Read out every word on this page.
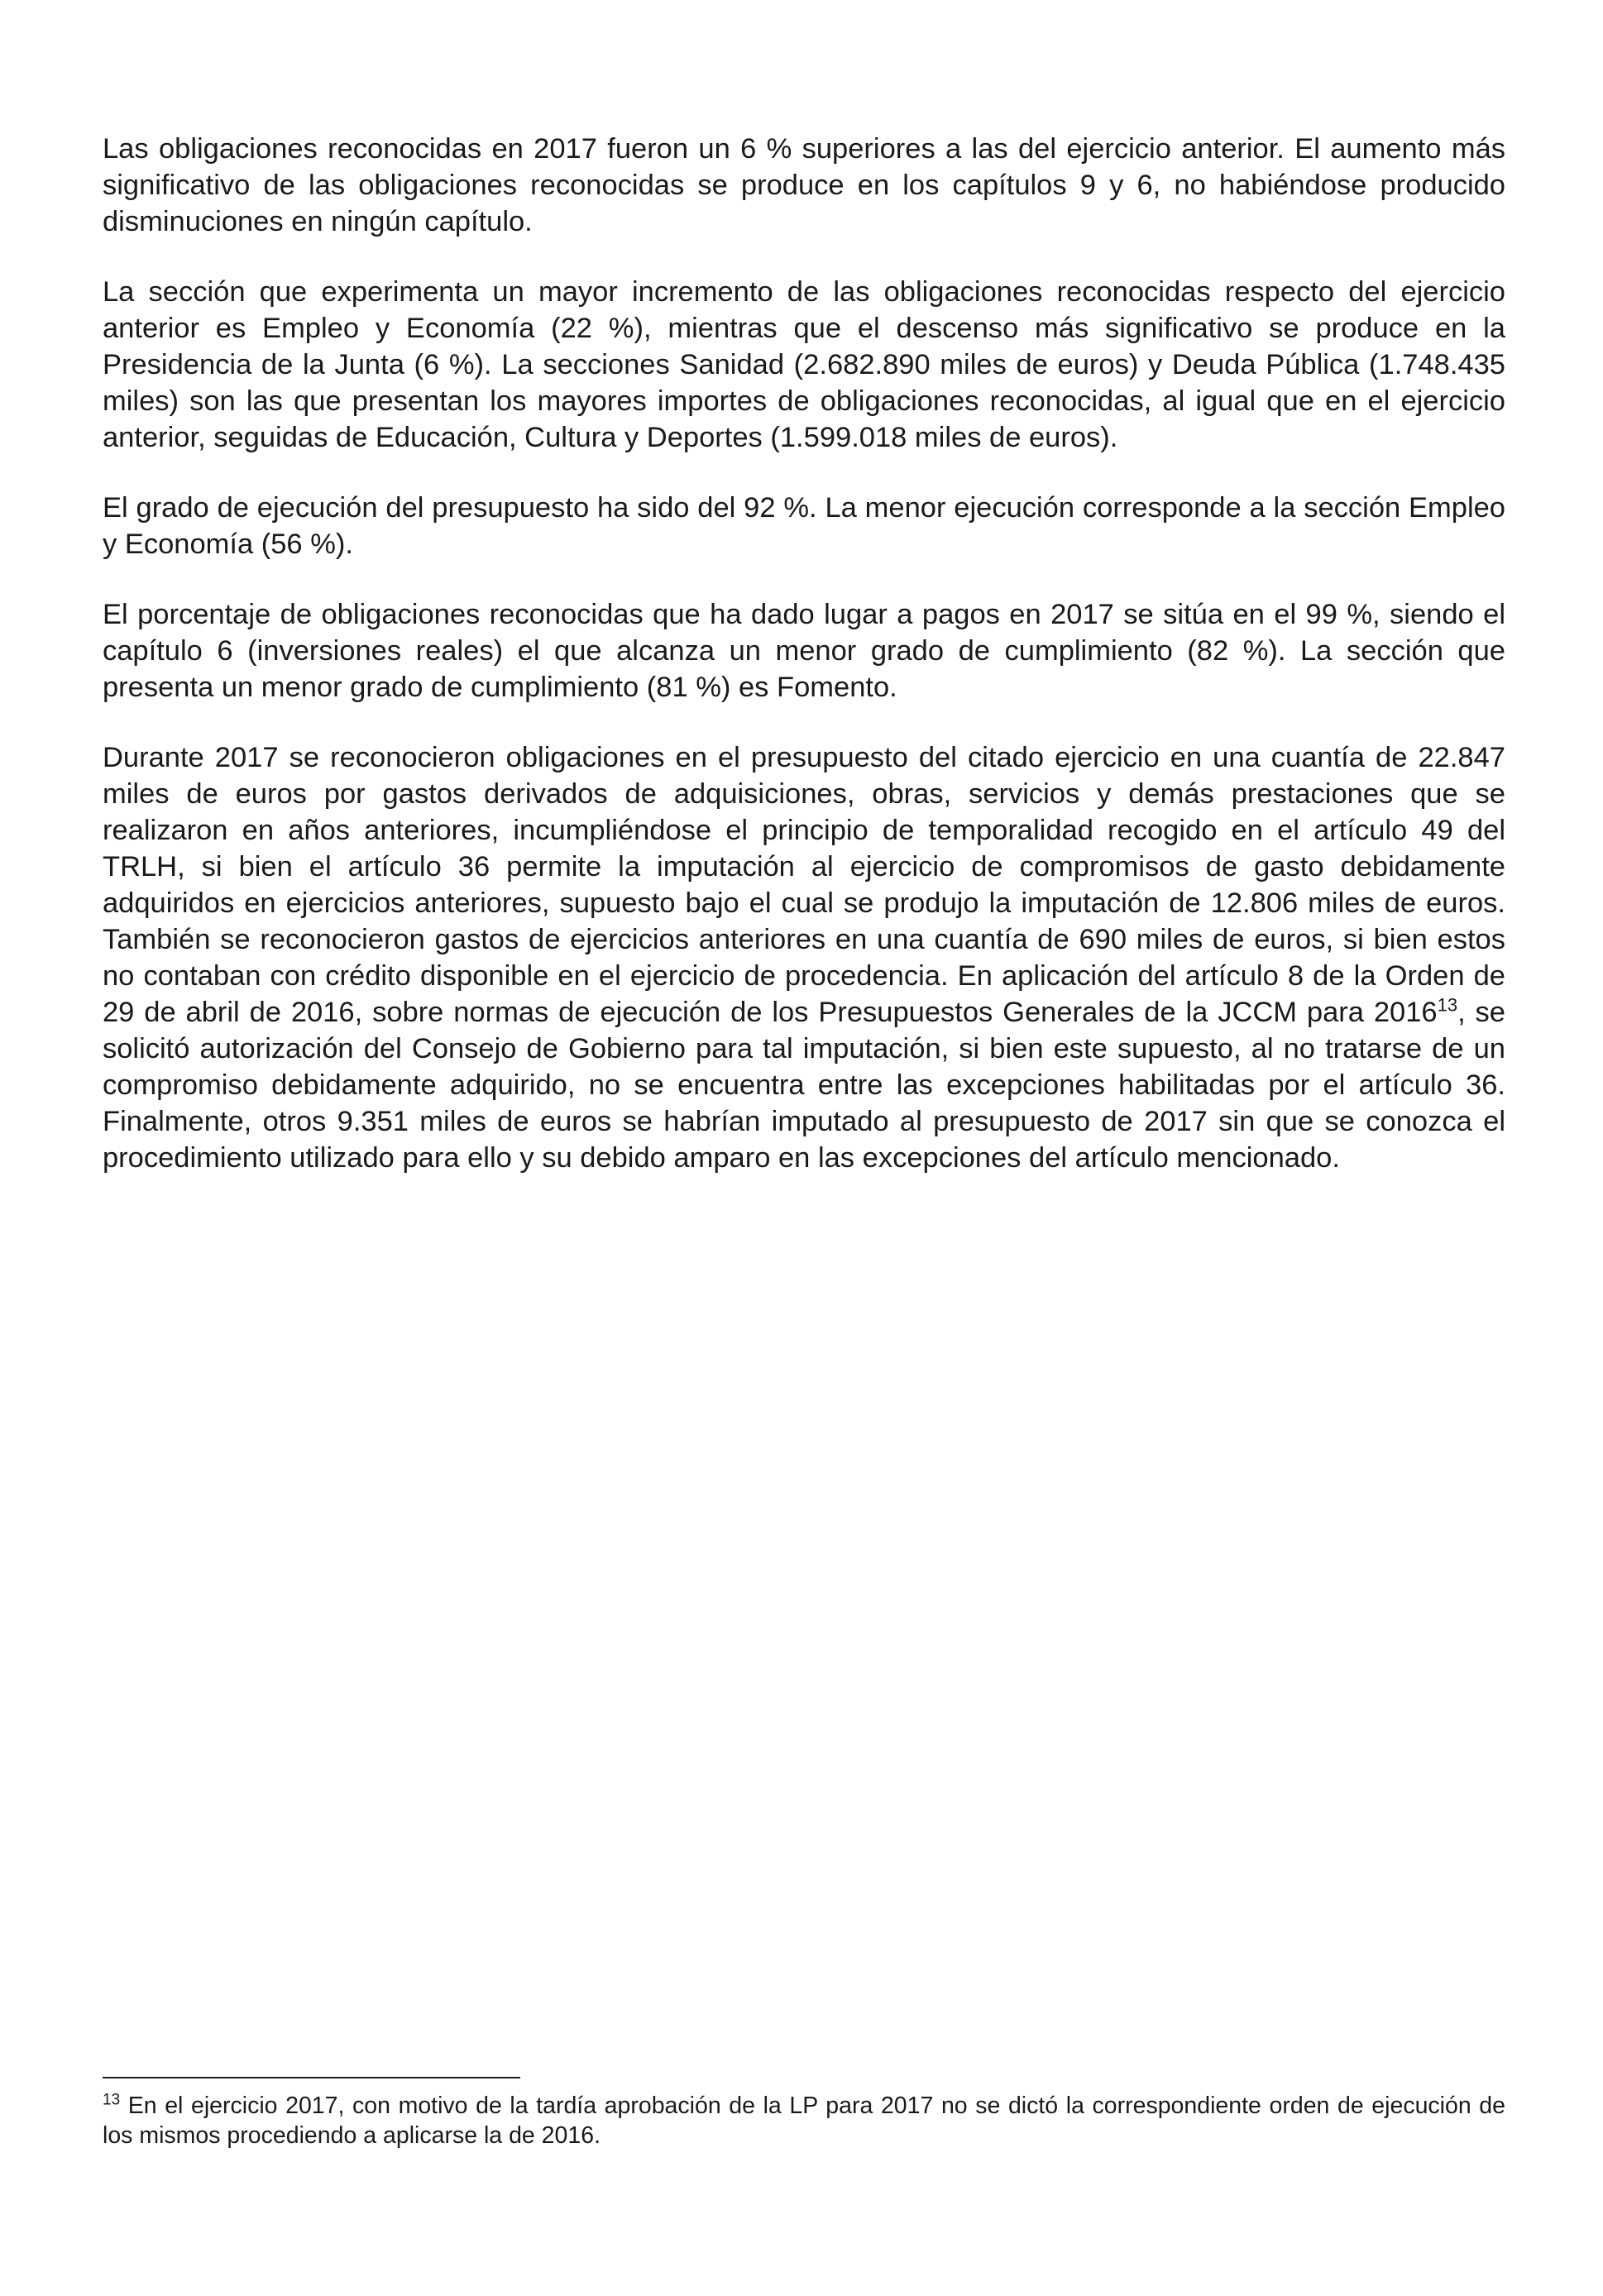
Las obligaciones reconocidas en 2017 fueron un 6 % superiores a las del ejercicio anterior. El aumento más significativo de las obligaciones reconocidas se produce en los capítulos 9 y 6, no habiéndose producido disminuciones en ningún capítulo.

La sección que experimenta un mayor incremento de las obligaciones reconocidas respecto del ejercicio anterior es Empleo y Economía (22 %), mientras que el descenso más significativo se produce en la Presidencia de la Junta (6 %). La secciones Sanidad (2.682.890 miles de euros) y Deuda Pública (1.748.435 miles) son las que presentan los mayores importes de obligaciones reconocidas, al igual que en el ejercicio anterior, seguidas de Educación, Cultura y Deportes (1.599.018 miles de euros).

El grado de ejecución del presupuesto ha sido del 92 %. La menor ejecución corresponde a la sección Empleo y Economía (56 %).

El porcentaje de obligaciones reconocidas que ha dado lugar a pagos en 2017 se sitúa en el 99 %, siendo el capítulo 6 (inversiones reales) el que alcanza un menor grado de cumplimiento (82 %). La sección que presenta un menor grado de cumplimiento (81 %) es Fomento.

Durante 2017 se reconocieron obligaciones en el presupuesto del citado ejercicio en una cuantía de 22.847 miles de euros por gastos derivados de adquisiciones, obras, servicios y demás prestaciones que se realizaron en años anteriores, incumpliéndose el principio de temporalidad recogido en el artículo 49 del TRLH, si bien el artículo 36 permite la imputación al ejercicio de compromisos de gasto debidamente adquiridos en ejercicios anteriores, supuesto bajo el cual se produjo la imputación de 12.806 miles de euros. También se reconocieron gastos de ejercicios anteriores en una cuantía de 690 miles de euros, si bien estos no contaban con crédito disponible en el ejercicio de procedencia. En aplicación del artículo 8 de la Orden de 29 de abril de 2016, sobre normas de ejecución de los Presupuestos Generales de la JCCM para 2016$^{13}$, se solicitó autorización del Consejo de Gobierno para tal imputación, si bien este supuesto, al no tratarse de un compromiso debidamente adquirido, no se encuentra entre las excepciones habilitadas por el artículo 36. Finalmente, otros 9.351 miles de euros se habrían imputado al presupuesto de 2017 sin que se conozca el procedimiento utilizado para ello y su debido amparo en las excepciones del artículo mencionado.

$^{13}$ En el ejercicio 2017, con motivo de la tardía aprobación de la LP para 2017 no se dictó la correspondiente orden de ejecución de los mismos procediendo a aplicarse la de 2016.
